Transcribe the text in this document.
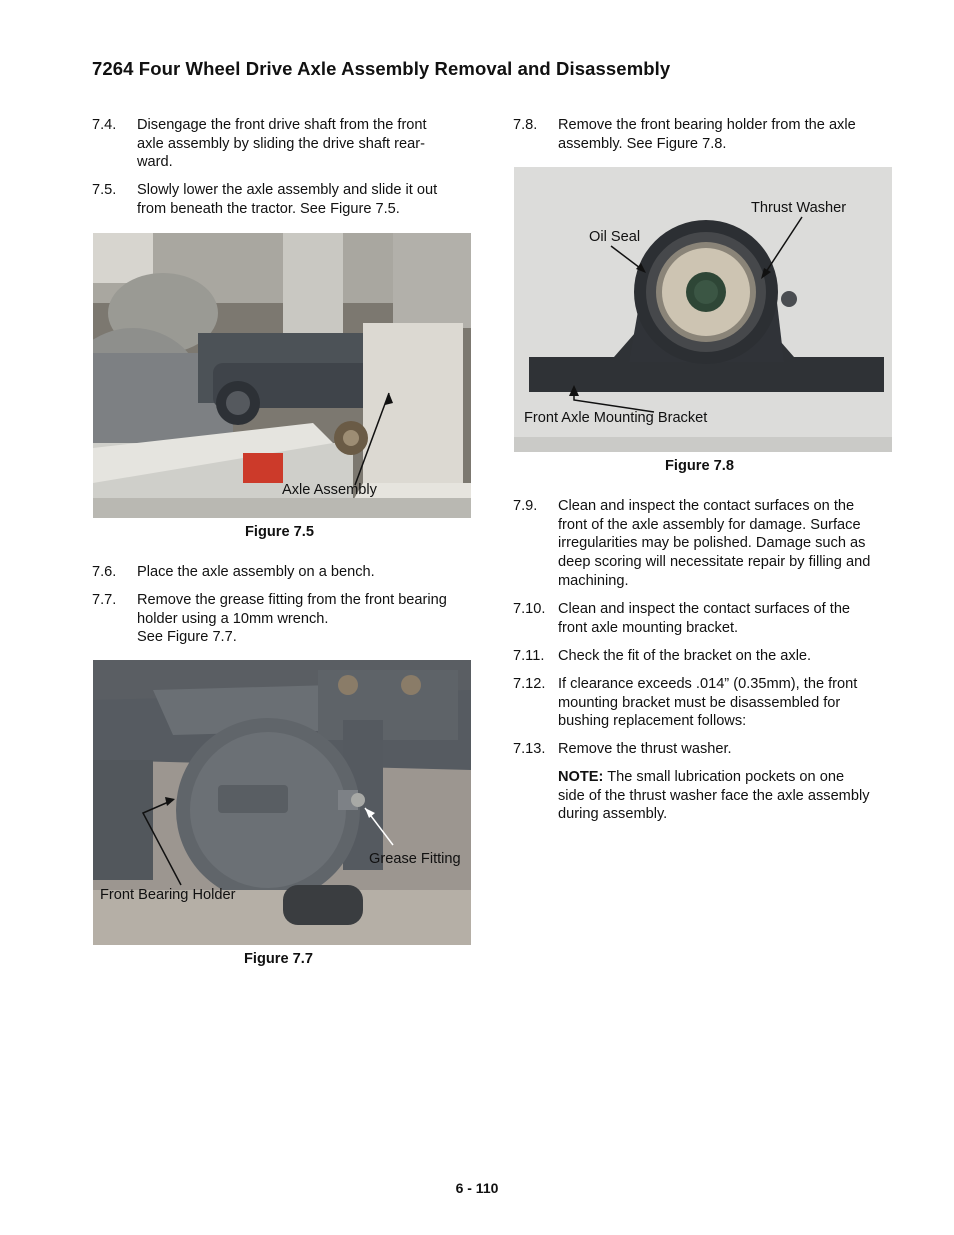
7264 Four Wheel Drive Axle Assembly Removal and Disassembly
7.4. Disengage the front drive shaft from the front
axle assembly by sliding the drive shaft rear-
ward.
7.5. Slowly lower the axle assembly and slide it out
from beneath the tractor. See Figure 7.5.
Axle Assembly
Figure 7.5
7.6. Place the axle assembly on a bench.
7.7. Remove the grease fitting from the front bearing
holder using a 10mm wrench.
See Figure 7.7.
Grease Fitting
Front Bearing Holder
Figure 7.7
7.8. Remove the front bearing holder from the axle
assembly. See Figure 7.8.
Thrust Washer
Oil Seal
Front Axle Mounting Bracket
Figure 7.8
7.9. Clean and inspect the contact surfaces on the
front of the axle assembly for damage. Surface
irregularities may be polished. Damage such as
deep scoring will necessitate repair by filling and
machining.
7.10. Clean and inspect the contact surfaces of the
front axle mounting bracket.
7.11. Check the fit of the bracket on the axle.
7.12. If clearance exceeds .014” (0.35mm), the front
mounting bracket must be disassembled for
bushing replacement follows:
7.13. Remove the thrust washer.
NOTE: The small lubrication pockets on one
side of the thrust washer face the axle assembly
during assembly.
6 - 110
